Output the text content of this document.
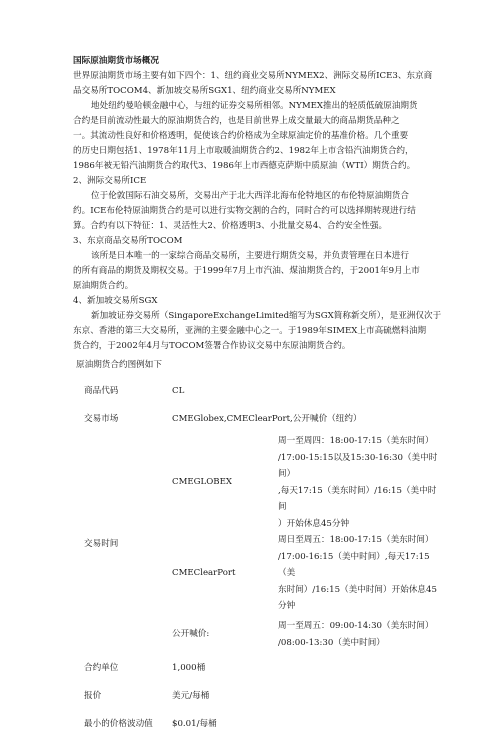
国际原油期货市场概况

世界原油期货市场主要有如下四个：1、纽约商业交易所NYMEX2、洲际交易所ICE3、东京商

品交易所TOCOM4、新加坡交易所SGX1、纽约商业交易所NYMEX

地处纽约曼哈顿金融中心，与纽约证券交易所相邻。NYMEX推出的轻质低硫原油期货

合约是目前流动性最大的原油期货合约，也是目前世界上成交量最大的商品期货品种之

一。其流动性良好和价格透明，促使该合约价格成为全球原油定价的基准价格。几个重要

的历史日期包括1、1978年11月上市取暖油期货合约2、1982年上市含铅汽油期货合约，

1986年被无铅汽油期货合约取代3、1986年上市西德克萨斯中质原油（WTI）期货合约。

2、洲际交易所ICE

位于伦敦国际石油交易所，交易出产于北大西洋北海布伦特地区的布伦特原油期货合

约。ICE布伦特原油期货合约是可以进行实物交割的合约，同时合约可以选择期转现进行结

算。合约有以下特征：1、灵活性大2、价格透明3、小批量交易4、合约安全性强。

3、东京商品交易所TOCOM

该所是日本唯一的一家综合商品交易所，主要进行期货交易，并负责管理在日本进行

的所有商品的期货及期权交易。于1999年7月上市汽油、煤油期货合约，于2001年9月上市

原油期货合约。

4、新加坡交易所SGX

新加坡证券交易所（SingaporeExchangeLimited缩写为SGX简称新交所），是亚洲仅次于

东京、香港的第三大交易所，亚洲的主要金融中心之一。于1989年SIMEX上市高硫燃料油期

货合约，于2002年4月与TOCOM签署合作协议交易中东原油期货合约。

原油期货合约图例如下

商品代码	CL	
交易市场	CMEGlobex,CMEClearPort,公开喊价（纽约）	
交易时间	CMEGLOBEX	周一至周四：18:00-17:15（美东时间）
/17:00-15:15以及15:30-16:30（美中时间）
,每天17:15（美东时间）/16:15（美中时间
）开始休息45分钟

	CMEClearPort	周日至周五：18:00-17:15（美东时间）
/17:00-16:15（美中时间）,每天17:15（美
东时间）/16:15（美中时间）开始休息45
分钟

	公开喊价:	周一至周五：09:00-14:30（美东时间）
/08:00-13:30（美中时间）

合约单位	1,000桶	
报价	美元/每桶	
最小的价格波动值	$0.01/每桶	
